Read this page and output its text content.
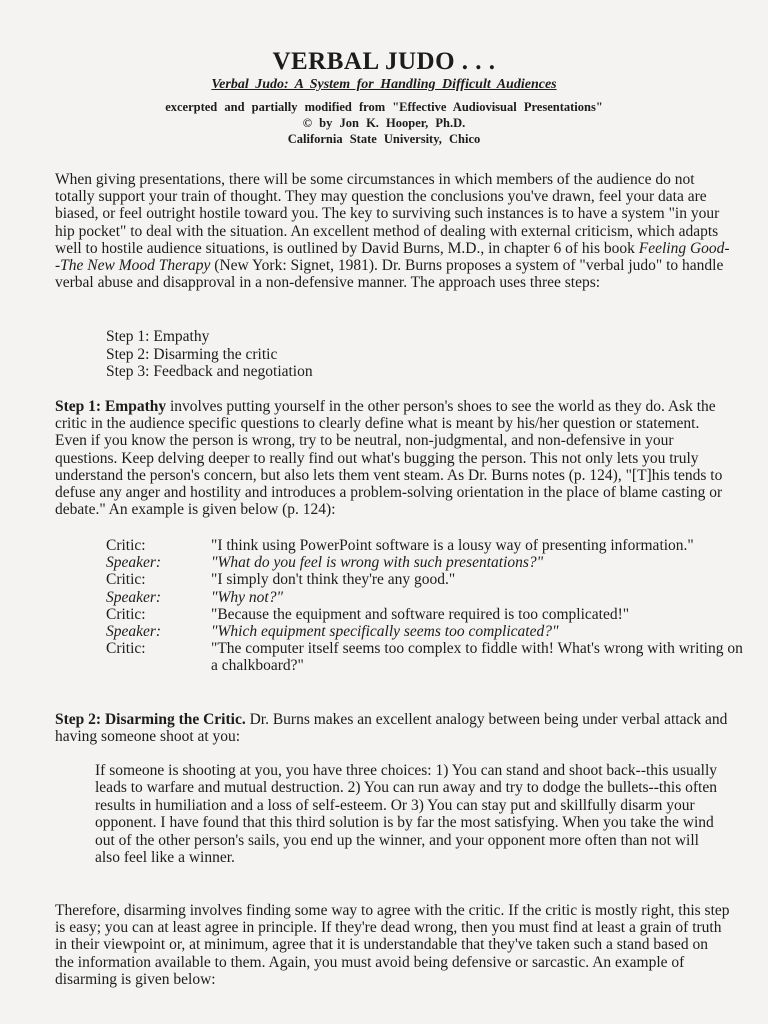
VERBAL JUDO . . .
Verbal Judo: A System for Handling Difficult Audiences
excerpted and partially modified from "Effective Audiovisual Presentations"
© by Jon K. Hooper, Ph.D.
California State University, Chico

When giving presentations, there will be some circumstances in which members of the audience do not totally support your train of thought. They may question the conclusions you've drawn, feel your data are biased, or feel outright hostile toward you. The key to surviving such instances is to have a system "in your hip pocket" to deal with the situation. An excellent method of dealing with external criticism, which adapts well to hostile audience situations, is outlined by David Burns, M.D., in chapter 6 of his book Feeling Good--The New Mood Therapy (New York: Signet, 1981). Dr. Burns proposes a system of "verbal judo" to handle verbal abuse and disapproval in a non-defensive manner. The approach uses three steps:

Step 1: Empathy
Step 2: Disarming the critic
Step 3: Feedback and negotiation

Step 1: Empathy involves putting yourself in the other person's shoes to see the world as they do. Ask the critic in the audience specific questions to clearly define what is meant by his/her question or statement. Even if you know the person is wrong, try to be neutral, non-judgmental, and non-defensive in your questions. Keep delving deeper to really find out what's bugging the person. This not only lets you truly understand the person's concern, but also lets them vent steam. As Dr. Burns notes (p. 124), "[T]his tends to defuse any anger and hostility and introduces a problem-solving orientation in the place of blame casting or debate." An example is given below (p. 124):

Critic:	"I think using PowerPoint software is a lousy way of presenting information."
Speaker:	"What do you feel is wrong with such presentations?"
Critic:	"I simply don't think they're any good."
Speaker:	"Why not?"
Critic:	"Because the equipment and software required is too complicated!"
Speaker:	"Which equipment specifically seems too complicated?"
Critic:	"The computer itself seems too complex to fiddle with! What's wrong with writing on a chalkboard?"

Step 2: Disarming the Critic. Dr. Burns makes an excellent analogy between being under verbal attack and having someone shoot at you:

If someone is shooting at you, you have three choices: 1) You can stand and shoot back--this usually leads to warfare and mutual destruction. 2) You can run away and try to dodge the bullets--this often results in humiliation and a loss of self-esteem. Or 3) You can stay put and skillfully disarm your opponent. I have found that this third solution is by far the most satisfying. When you take the wind out of the other person's sails, you end up the winner, and your opponent more often than not will also feel like a winner.

Therefore, disarming involves finding some way to agree with the critic. If the critic is mostly right, this step is easy; you can at least agree in principle. If they're dead wrong, then you must find at least a grain of truth in their viewpoint or, at minimum, agree that it is understandable that they've taken such a stand based on the information available to them. Again, you must avoid being defensive or sarcastic. An example of disarming is given below:
